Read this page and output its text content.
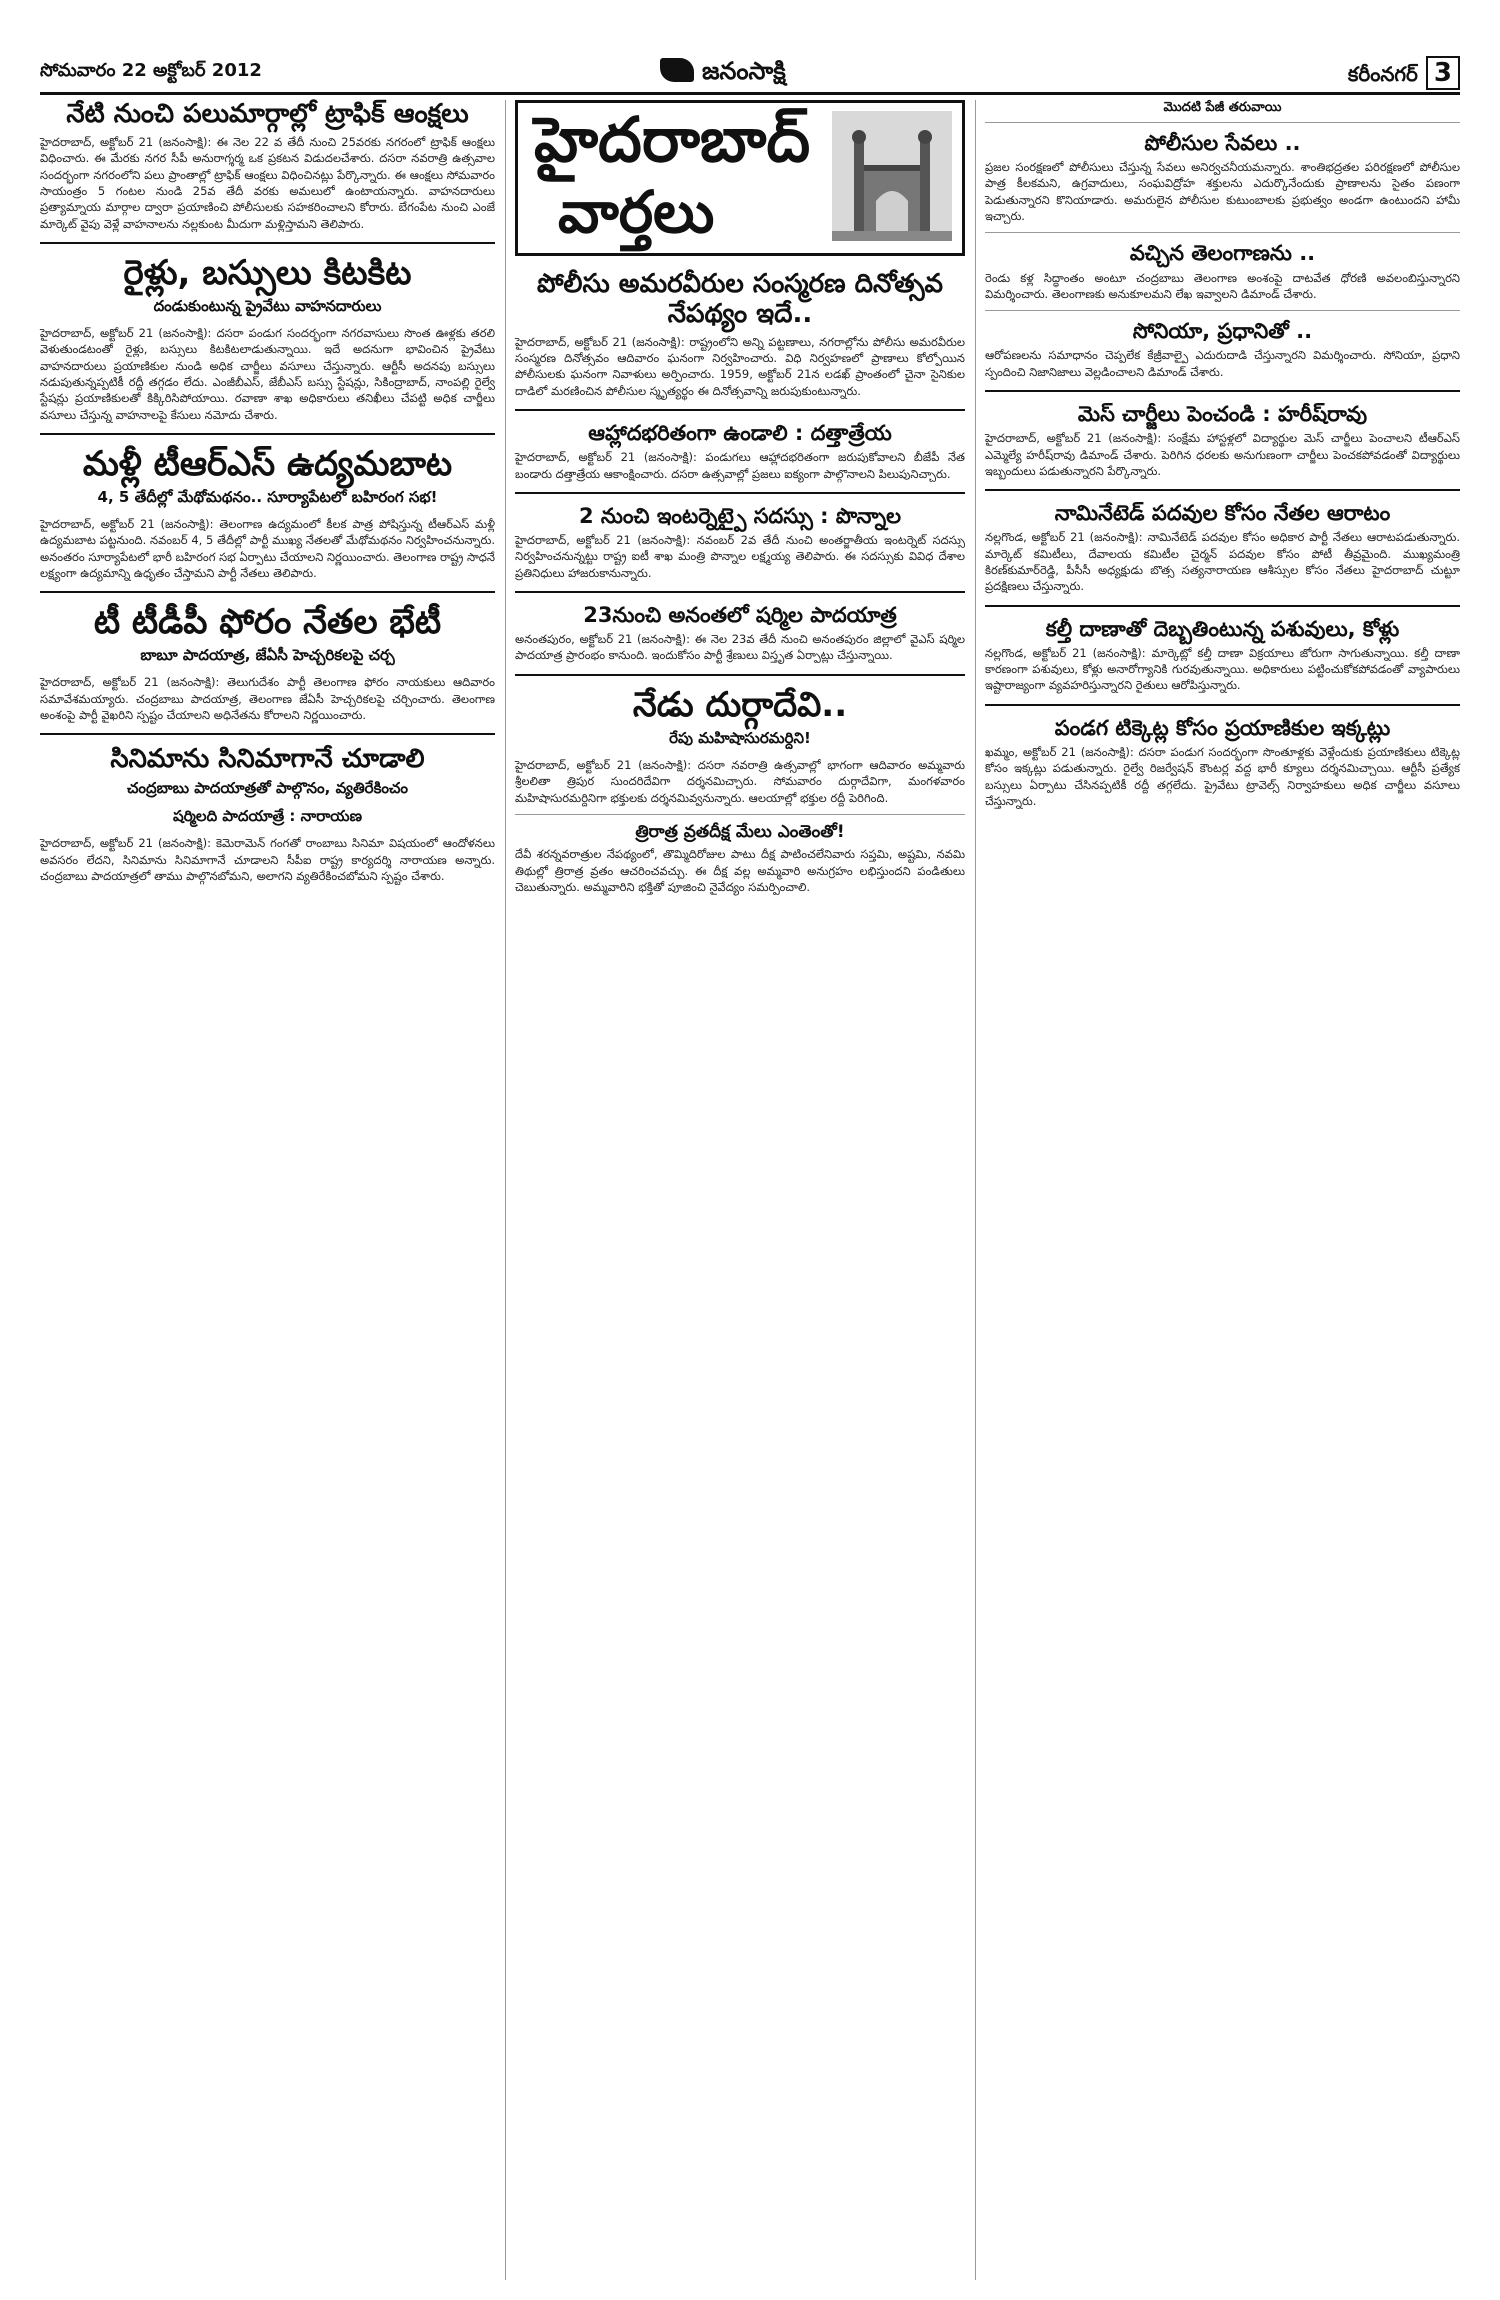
సోమవారం 22 అక్టోబర్ 2012	జనంసాక్షి	కరీంనగర్ 3
నేటి నుంచి పలుమార్గాల్లో ట్రాఫిక్ ఆంక్షలు

హైదరాబాద్, అక్టోబర్ 21 (జనంసాక్షి): ఈ నెల 22 వ తేదీ నుంచి 25వరకు నగరంలో ట్రాఫిక్ ఆంక్షలు విధించారు. ఈ మేరకు నగర సీపీ అనురాగ్శర్మ ఒక ప్రకటన విడుదలచేశారు. దసరా నవరాత్రి ఉత్సవాల సందర్భంగా నగరంలోని పలు ప్రాంతాల్లో ట్రాఫిక్ ఆంక్షలు విధించినట్లు పేర్కొన్నారు. ఈ ఆంక్షలు సోమవారం సాయంత్రం 5 గంటల నుండి 25వ తేదీ వరకు అమలులో ఉంటాయన్నారు. వాహనదారులు ప్రత్యామ్నాయ మార్గాల ద్వారా ప్రయాణించి పోలీసులకు సహకరించాలని కోరారు. బేగంపేట నుంచి ఎంజే మార్కెట్ వైపు వెళ్లే వాహనాలను నల్లకుంట మీదుగా మళ్లిస్తామని తెలిపారు.

రైళ్లు, బస్సులు కిటకిట
దండుకుంటున్న ప్రైవేటు వాహనదారులు

హైదరాబాద్, అక్టోబర్ 21 (జనంసాక్షి): దసరా పండుగ సందర్భంగా నగరవాసులు సొంత ఊళ్లకు తరలి వెళుతుండటంతో రైళ్లు, బస్సులు కిటకిటలాడుతున్నాయి. ఇదే అదనుగా భావించిన ప్రైవేటు వాహనదారులు ప్రయాణికుల నుండి అధిక చార్జీలు వసూలు చేస్తున్నారు. ఆర్టీసీ అదనపు బస్సులు నడుపుతున్నప్పటికీ రద్దీ తగ్గడం లేదు. ఎంజీబీఎస్, జేబీఎస్ బస్సు స్టేషన్లు, సికింద్రాబాద్, నాంపల్లి రైల్వే స్టేషన్లు ప్రయాణికులతో కిక్కిరిసిపోయాయి. రవాణా శాఖ అధికారులు తనిఖీలు చేపట్టి అధిక చార్జీలు వసూలు చేస్తున్న వాహనాలపై కేసులు నమోదు చేశారు.

మళ్లీ టీఆర్ఎస్ ఉద్యమబాట
4, 5 తేదీల్లో మేథోమథనం.. సూర్యాపేటలో బహిరంగ సభ!

హైదరాబాద్, అక్టోబర్ 21 (జనంసాక్షి): తెలంగాణ ఉద్యమంలో కీలక పాత్ర పోషిస్తున్న టీఆర్ఎస్ మళ్లీ ఉద్యమబాట పట్టనుంది. నవంబర్ 4, 5 తేదీల్లో పార్టీ ముఖ్య నేతలతో మేథోమథనం నిర్వహించనున్నారు. అనంతరం సూర్యాపేటలో భారీ బహిరంగ సభ ఏర్పాటు చేయాలని నిర్ణయించారు. తెలంగాణ రాష్ట్ర సాధనే లక్ష్యంగా ఉద్యమాన్ని ఉధృతం చేస్తామని పార్టీ నేతలు తెలిపారు.

టీ టీడీపీ ఫోరం నేతల భేటీ
బాబూ పాదయాత్ర, జేఏసీ హెచ్చరికలపై చర్చ

హైదరాబాద్, అక్టోబర్ 21 (జనంసాక్షి): తెలుగుదేశం పార్టీ తెలంగాణ ఫోరం నాయకులు ఆదివారం సమావేశమయ్యారు. చంద్రబాబు పాదయాత్ర, తెలంగాణ జేఏసీ హెచ్చరికలపై చర్చించారు. తెలంగాణ అంశంపై పార్టీ వైఖరిని స్పష్టం చేయాలని అధినేతను కోరాలని నిర్ణయించారు.

సినిమాను సినిమాగానే చూడాలి
చంద్రబాబు పాదయాత్రతో పాల్గొనం, వ్యతిరేకించం
షర్మిలది పాదయాత్రే : నారాయణ

హైదరాబాద్, అక్టోబర్ 21 (జనంసాక్షి): కెమెరామెన్ గంగతో రాంబాబు సినిమా విషయంలో ఆందోళనలు అవసరం లేదని, సినిమాను సినిమాగానే చూడాలని సీపీఐ రాష్ట్ర కార్యదర్శి నారాయణ అన్నారు. చంద్రబాబు పాదయాత్రలో తాము పాల్గొనబోమని, అలాగని వ్యతిరేకించబోమని స్పష్టం చేశారు.

హైదరాబాద్
వార్తలు
పోలీసు అమరవీరుల సంస్మరణ దినోత్సవ నేపథ్యం ఇదే..

హైదరాబాద్, అక్టోబర్ 21 (జనంసాక్షి): రాష్ట్రంలోని అన్ని పట్టణాలు, నగరాల్లోను పోలీసు అమరవీరుల సంస్మరణ దినోత్సవం ఆదివారం ఘనంగా నిర్వహించారు. విధి నిర్వహణలో ప్రాణాలు కోల్పోయిన పోలీసులకు ఘనంగా నివాళులు అర్పించారు. 1959, అక్టోబర్ 21న లడఖ్ ప్రాంతంలో చైనా సైనికుల దాడిలో మరణించిన పోలీసుల స్మృత్యర్థం ఈ దినోత్సవాన్ని జరుపుకుంటున్నారు.

ఆహ్లాదభరితంగా ఉండాలి : దత్తాత్రేయ

హైదరాబాద్, అక్టోబర్ 21 (జనంసాక్షి): పండుగలు ఆహ్లాదభరితంగా జరుపుకోవాలని బీజేపీ నేత బండారు దత్తాత్రేయ ఆకాంక్షించారు. దసరా ఉత్సవాల్లో ప్రజలు ఐక్యంగా పాల్గొనాలని పిలుపునిచ్చారు.

2 నుంచి ఇంటర్నెట్పై సదస్సు : పొన్నాల

హైదరాబాద్, అక్టోబర్ 21 (జనంసాక్షి): నవంబర్ 2వ తేదీ నుంచి అంతర్జాతీయ ఇంటర్నెట్ సదస్సు నిర్వహించనున్నట్టు రాష్ట్ర ఐటీ శాఖ మంత్రి పొన్నాల లక్ష్మయ్య తెలిపారు. ఈ సదస్సుకు వివిధ దేశాల ప్రతినిధులు హాజరుకానున్నారు.

23నుంచి అనంతలో షర్మిల పాదయాత్ర

అనంతపురం, అక్టోబర్ 21 (జనంసాక్షి): ఈ నెల 23వ తేదీ నుంచి అనంతపురం జిల్లాలో వైఎస్ షర్మిల పాదయాత్ర ప్రారంభం కానుంది. ఇందుకోసం పార్టీ శ్రేణులు విస్తృత ఏర్పాట్లు చేస్తున్నాయి.

నేడు దుర్గాదేవి..
రేపు మహిషాసురమర్దిని!

హైదరాబాద్, అక్టోబర్ 21 (జనంసాక్షి): దసరా నవరాత్రి ఉత్సవాల్లో భాగంగా ఆదివారం అమ్మవారు శ్రీలలితా త్రిపుర సుందరిదేవిగా దర్శనమిచ్చారు. సోమవారం దుర్గాదేవిగా, మంగళవారం మహిషాసురమర్దినిగా భక్తులకు దర్శనమివ్వనున్నారు. ఆలయాల్లో భక్తుల రద్దీ పెరిగింది.

త్రిరాత్ర వ్రతదీక్ష మేలు ఎంతెంతో!

దేవీ శరన్నవరాత్రుల నేపథ్యంలో, తొమ్మిదిరోజుల పాటు దీక్ష పాటించలేనివారు సప్తమి, అష్టమి, నవమి తిథుల్లో త్రిరాత్ర వ్రతం ఆచరించవచ్చు. ఈ దీక్ష వల్ల అమ్మవారి అనుగ్రహం లభిస్తుందని పండితులు చెబుతున్నారు. అమ్మవారిని భక్తితో పూజించి నైవేద్యం సమర్పించాలి.

మొదటి పేజీ తరువాయి
పోలీసుల సేవలు ..

ప్రజల సంరక్షణలో పోలీసులు చేస్తున్న సేవలు అనిర్వచనీయమన్నారు. శాంతిభద్రతల పరిరక్షణలో పోలీసుల పాత్ర కీలకమని, ఉగ్రవాదులు, సంఘవిద్రోహ శక్తులను ఎదుర్కొనేందుకు ప్రాణాలను సైతం పణంగా పెడుతున్నారని కొనియాడారు. అమరులైన పోలీసుల కుటుంబాలకు ప్రభుత్వం అండగా ఉంటుందని హామీ ఇచ్చారు.

వచ్చిన తెలంగాణను ..

రెండు కళ్ల సిద్ధాంతం అంటూ చంద్రబాబు తెలంగాణ అంశంపై దాటవేత ధోరణి అవలంబిస్తున్నారని విమర్శించారు. తెలంగాణకు అనుకూలమని లేఖ ఇవ్వాలని డిమాండ్ చేశారు.

సోనియా, ప్రధానితో ..

ఆరోపణలను సమాధానం చెప్పలేక కేజ్రీవాల్పై ఎదురుదాడి చేస్తున్నారని విమర్శించారు. సోనియా, ప్రధాని స్పందించి నిజానిజాలు వెల్లడించాలని డిమాండ్ చేశారు.

మెస్ చార్జీలు పెంచండి : హరీష్‌రావు

హైదరాబాద్, అక్టోబర్ 21 (జనంసాక్షి): సంక్షేమ హాస్టళ్లలో విద్యార్థుల మెస్ చార్జీలు పెంచాలని టీఆర్ఎస్ ఎమ్మెల్యే హరీష్‌రావు డిమాండ్ చేశారు. పెరిగిన ధరలకు అనుగుణంగా చార్జీలు పెంచకపోవడంతో విద్యార్థులు ఇబ్బందులు పడుతున్నారని పేర్కొన్నారు.

నామినేటెడ్ పదవుల కోసం నేతల ఆరాటం

నల్లగొండ, అక్టోబర్ 21 (జనంసాక్షి): నామినేటెడ్ పదవుల కోసం అధికార పార్టీ నేతలు ఆరాటపడుతున్నారు. మార్కెట్ కమిటీలు, దేవాలయ కమిటీల చైర్మన్ పదవుల కోసం పోటీ తీవ్రమైంది. ముఖ్యమంత్రి కిరణ్‌కుమార్‌రెడ్డి, పీసీసీ అధ్యక్షుడు బొత్స సత్యనారాయణ ఆశీస్సుల కోసం నేతలు హైదరాబాద్ చుట్టూ ప్రదక్షిణలు చేస్తున్నారు.

కల్తీ దాణాతో దెబ్బతింటున్న పశువులు, కోళ్లు

నల్లగొండ, అక్టోబర్ 21 (జనంసాక్షి): మార్కెట్లో కల్తీ దాణా విక్రయాలు జోరుగా సాగుతున్నాయి. కల్తీ దాణా కారణంగా పశువులు, కోళ్లు అనారోగ్యానికి గురవుతున్నాయి. అధికారులు పట్టించుకోకపోవడంతో వ్యాపారులు ఇష్టారాజ్యంగా వ్యవహరిస్తున్నారని రైతులు ఆరోపిస్తున్నారు.

పండగ టిక్కెట్ల కోసం ప్రయాణికుల ఇక్కట్లు

ఖమ్మం, అక్టోబర్ 21 (జనంసాక్షి): దసరా పండుగ సందర్భంగా సొంతూళ్లకు వెళ్లేందుకు ప్రయాణికులు టిక్కెట్ల కోసం ఇక్కట్లు పడుతున్నారు. రైల్వే రిజర్వేషన్ కౌంటర్ల వద్ద భారీ క్యూలు దర్శనమిచ్చాయి. ఆర్టీసీ ప్రత్యేక బస్సులు ఏర్పాటు చేసినప్పటికీ రద్దీ తగ్గలేదు. ప్రైవేటు ట్రావెల్స్ నిర్వాహకులు అధిక చార్జీలు వసూలు చేస్తున్నారు.
